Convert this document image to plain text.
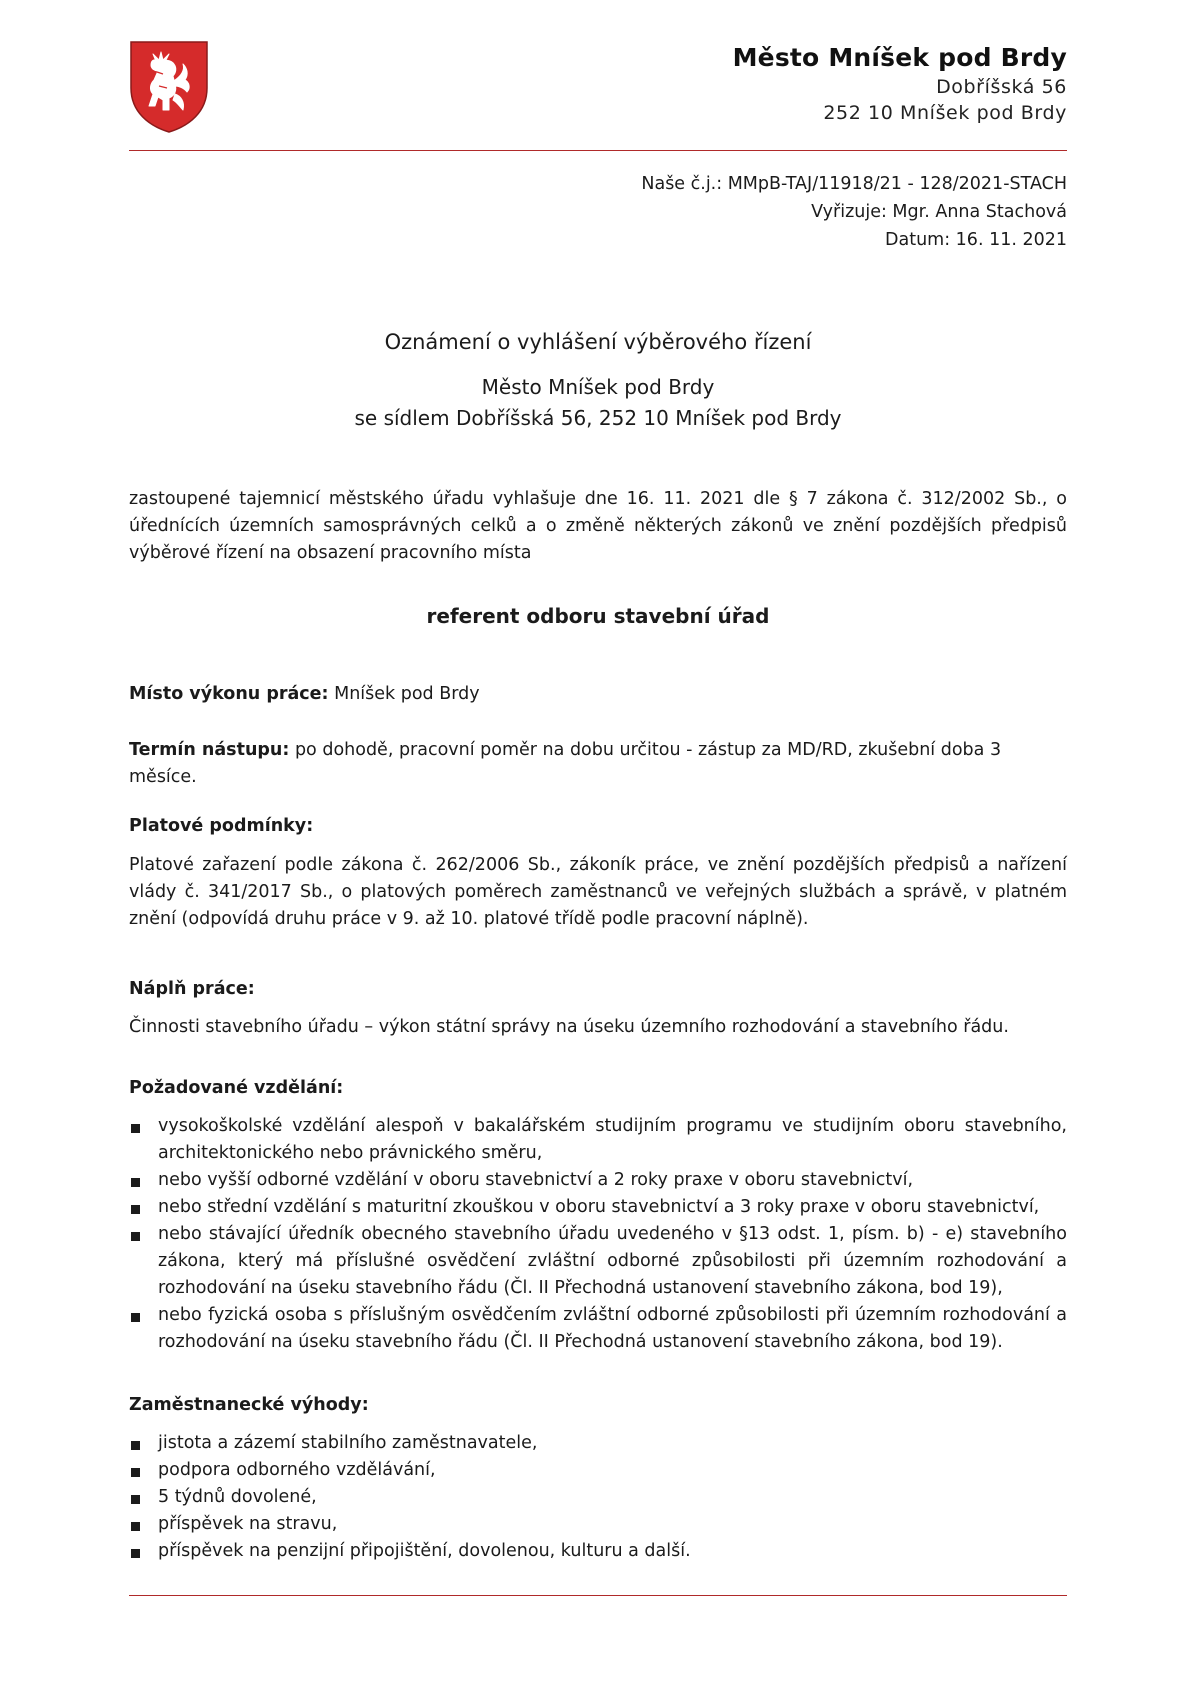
Město Mníšek pod Brdy
Dobříšská 56
252 10 Mníšek pod Brdy
Naše č.j.: MMpB-TAJ/11918/21 - 128/2021-STACH
Vyřizuje: Mgr. Anna Stachová
Datum: 16. 11. 2021
Oznámení o vyhlášení výběrového řízení
Město Mníšek pod Brdy
se sídlem Dobříšská 56, 252 10 Mníšek pod Brdy
zastoupené tajemnicí městského úřadu vyhlašuje dne 16. 11. 2021 dle § 7 zákona č. 312/2002 Sb., o úřednících územních samosprávných celků a o změně některých zákonů ve znění pozdějších předpisů výběrové řízení na obsazení pracovního místa
referent odboru stavební úřad
Místo výkonu práce: Mníšek pod Brdy
Termín nástupu: po dohodě, pracovní poměr na dobu určitou - zástup za MD/RD, zkušební doba 3 měsíce.
Platové podmínky:
Platové zařazení podle zákona č. 262/2006 Sb., zákoník práce, ve znění pozdějších předpisů a nařízení vlády č. 341/2017 Sb., o platových poměrech zaměstnanců ve veřejných službách a správě, v platném znění (odpovídá druhu práce v 9. až 10. platové třídě podle pracovní náplně).
Náplň práce:
Činnosti stavebního úřadu – výkon státní správy na úseku územního rozhodování a stavebního řádu.
Požadované vzdělání:
vysokoškolské vzdělání alespoň v bakalářském studijním programu ve studijním oboru stavebního, architektonického nebo právnického směru,
nebo vyšší odborné vzdělání v oboru stavebnictví a 2 roky praxe v oboru stavebnictví,
nebo střední vzdělání s maturitní zkouškou v oboru stavebnictví a 3 roky praxe v oboru stavebnictví,
nebo stávající úředník obecného stavebního úřadu uvedeného v §13 odst. 1, písm. b) - e) stavebního zákona, který má příslušné osvědčení zvláštní odborné způsobilosti při územním rozhodování a rozhodování na úseku stavebního řádu (Čl. II Přechodná ustanovení stavebního zákona, bod 19),
nebo fyzická osoba s příslušným osvědčením zvláštní odborné způsobilosti při územním rozhodování a rozhodování na úseku stavebního řádu (Čl. II Přechodná ustanovení stavebního zákona, bod 19).
Zaměstnanecké výhody:
jistota a zázemí stabilního zaměstnavatele,
podpora odborného vzdělávání,
5 týdnů dovolené,
příspěvek na stravu,
příspěvek na penzijní připojištění, dovolenou, kulturu a další.
